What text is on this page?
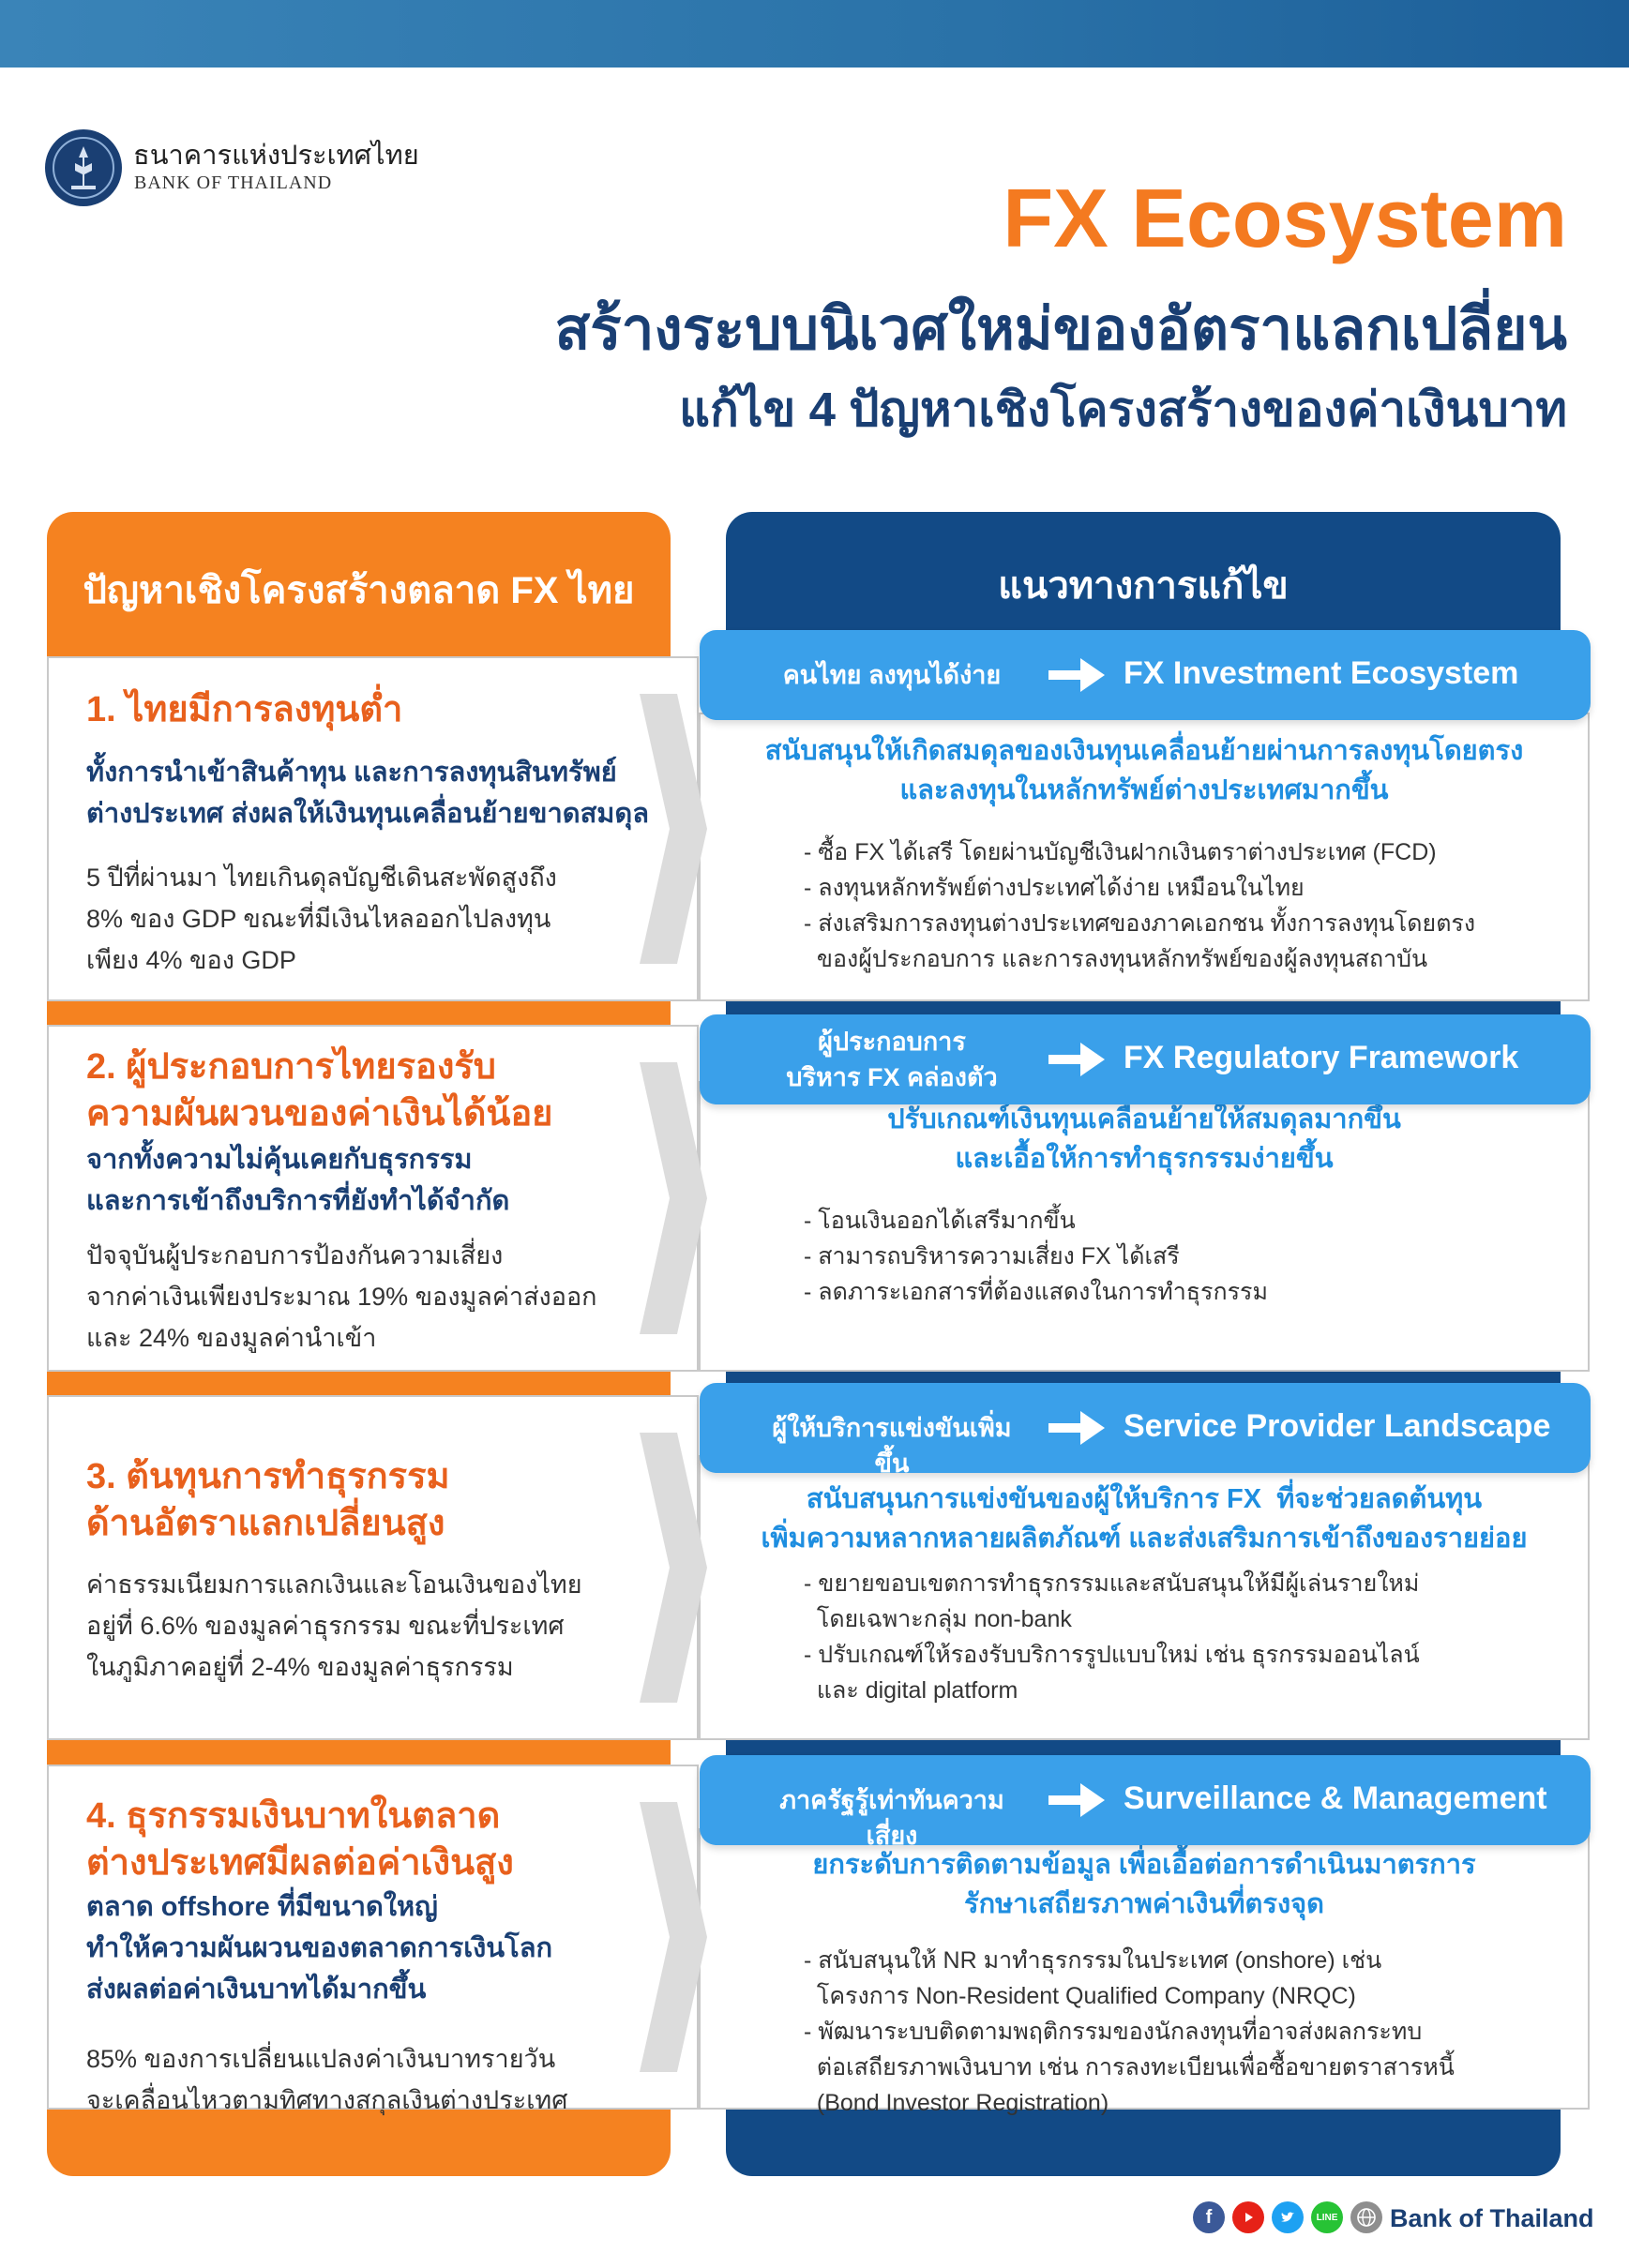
ธนาคารแห่งประเทศไทย
BANK OF THAILAND	FX Ecosystem
สร้างระบบนิเวศใหม่ของอัตราแลกเปลี่ยน
แก้ไข 4 ปัญหาเชิงโครงสร้างของค่าเงินบาท
ปัญหาเชิงโครงสร้างตลาด FX ไทย	แนวทางการแก้ไข
1. ไทยมีการลงทุนต่ำ
ทั้งการนำเข้าสินค้าทุน และการลงทุนสินทรัพย์
ต่างประเทศ ส่งผลให้เงินทุนเคลื่อนย้ายขาดสมดุล
5 ปีที่ผ่านมา ไทยเกินดุลบัญชีเดินสะพัดสูงถึง
8% ของ GDP ขณะที่มีเงินไหลออกไปลงทุน
เพียง 4% ของ GDP
สนับสนุนให้เกิดสมดุลของเงินทุนเคลื่อนย้ายผ่านการลงทุนโดยตรง
และลงทุนในหลักทรัพย์ต่างประเทศมากขึ้น
- ซื้อ FX ได้เสรี โดยผ่านบัญชีเงินฝากเงินตราต่างประเทศ (FCD)
- ลงทุนหลักทรัพย์ต่างประเทศได้ง่าย เหมือนในไทย
- ส่งเสริมการลงทุนต่างประเทศของภาคเอกชน ทั้งการลงทุนโดยตรง
ของผู้ประกอบการ และการลงทุนหลักทรัพย์ของผู้ลงทุนสถาบัน
คนไทย ลงทุนได้ง่าย	FX Investment Ecosystem
2. ผู้ประกอบการไทยรองรับ
ความผันผวนของค่าเงินได้น้อย
จากทั้งความไม่คุ้นเคยกับธุรกรรม
และการเข้าถึงบริการที่ยังทำได้จำกัด
ปัจจุบันผู้ประกอบการป้องกันความเสี่ยง
จากค่าเงินเพียงประมาณ 19% ของมูลค่าส่งออก
และ 24% ของมูลค่านำเข้า
ปรับเกณฑ์เงินทุนเคลื่อนย้ายให้สมดุลมากขึ้น
และเอื้อให้การทำธุรกรรมง่ายขึ้น
- โอนเงินออกได้เสรีมากขึ้น
- สามารถบริหารความเสี่ยง FX ได้เสรี
- ลดภาระเอกสารที่ต้องแสดงในการทำธุรกรรม
ผู้ประกอบการ
บริหาร FX คล่องตัว
FX Regulatory Framework
3. ต้นทุนการทำธุรกรรม
ด้านอัตราแลกเปลี่ยนสูง
ค่าธรรมเนียมการแลกเงินและโอนเงินของไทย
อยู่ที่ 6.6% ของมูลค่าธุรกรรม ขณะที่ประเทศ
ในภูมิภาคอยู่ที่ 2-4% ของมูลค่าธุรกรรม
สนับสนุนการแข่งขันของผู้ให้บริการ FX  ที่จะช่วยลดต้นทุน
เพิ่มความหลากหลายผลิตภัณฑ์ และส่งเสริมการเข้าถึงของรายย่อย
- ขยายขอบเขตการทำธุรกรรมและสนับสนุนให้มีผู้เล่นรายใหม่
โดยเฉพาะกลุ่ม non-bank
- ปรับเกณฑ์ให้รองรับบริการรูปแบบใหม่ เช่น ธุรกรรมออนไลน์
และ digital platform
ผู้ให้บริการแข่งขันเพิ่มขึ้น
Service Provider Landscape
4. ธุรกรรมเงินบาทในตลาด
ต่างประเทศมีผลต่อค่าเงินสูง
ตลาด offshore ที่มีขนาดใหญ่
ทำให้ความผันผวนของตลาดการเงินโลก
ส่งผลต่อค่าเงินบาทได้มากขึ้น
85% ของการเปลี่ยนแปลงค่าเงินบาทรายวัน
จะเคลื่อนไหวตามทิศทางสกุลเงินต่างประเทศ
ยกระดับการติดตามข้อมูล เพื่อเอื้อต่อการดำเนินมาตรการ
รักษาเสถียรภาพค่าเงินที่ตรงจุด
- สนับสนุนให้ NR มาทำธุรกรรมในประเทศ (onshore) เช่น
โครงการ Non-Resident Qualified Company (NRQC)
- พัฒนาระบบติดตามพฤติกรรมของนักลงทุนที่อาจส่งผลกระทบ
ต่อเสถียรภาพเงินบาท เช่น การลงทะเบียนเพื่อซื้อขายตราสารหนี้
(Bond Investor Registration)
ภาครัฐรู้เท่าทันความเสี่ยง
Surveillance & Management
f	LINE Bank of Thailand
